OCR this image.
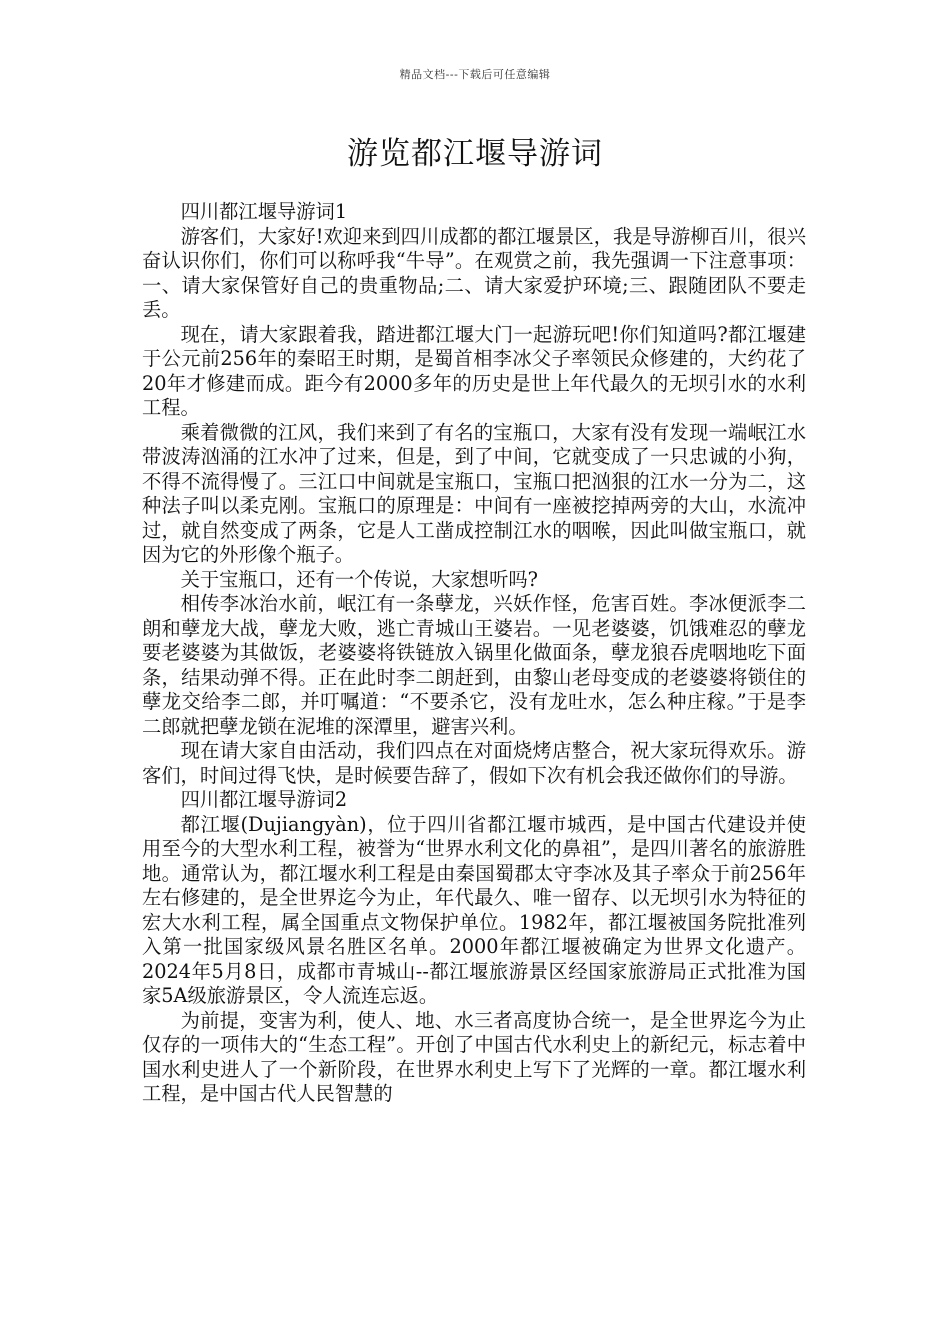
精品文档---下载后可任意编辑
游览都江堰导游词

四川都江堰导游词1

游客们，大家好!欢迎来到四川成都的都江堰景区，我是导游柳百川，很兴奋认识你们，你们可以称呼我“牛导”。在观赏之前，我先强调一下注意事项：一、请大家保管好自己的贵重物品;二、请大家爱护环境;三、跟随团队不要走丢。

现在，请大家跟着我，踏进都江堰大门一起游玩吧!你们知道吗?都江堰建于公元前256年的秦昭王时期，是蜀首相李冰父子率领民众修建的，大约花了20年才修建而成。距今有2000多年的历史是世上年代最久的无坝引水的水利工程。

乘着微微的江风，我们来到了有名的宝瓶口，大家有没有发现一端岷江水带波涛汹涌的江水冲了过来，但是，到了中间，它就变成了一只忠诚的小狗，不得不流得慢了。三江口中间就是宝瓶口，宝瓶口把汹狠的江水一分为二，这种法子叫以柔克刚。宝瓶口的原理是：中间有一座被挖掉两旁的大山，水流冲过，就自然变成了两条，它是人工凿成控制江水的咽喉，因此叫做宝瓶口，就因为它的外形像个瓶子。

关于宝瓶口，还有一个传说，大家想听吗?

相传李冰治水前，岷江有一条孽龙，兴妖作怪，危害百姓。李冰便派李二朗和孽龙大战，孽龙大败，逃亡青城山王婆岩。一见老婆婆，饥饿难忍的孽龙要老婆婆为其做饭，老婆婆将铁链放入锅里化做面条，孽龙狼吞虎咽地吃下面条，结果动弹不得。正在此时李二朗赶到，由黎山老母变成的老婆婆将锁住的孽龙交给李二郎，并叮嘱道：“不要杀它，没有龙吐水，怎么种庄稼。”于是李二郎就把孽龙锁在泥堆的深潭里，避害兴利。

现在请大家自由活动，我们四点在对面烧烤店整合，祝大家玩得欢乐。游客们，时间过得飞快，是时候要告辞了，假如下次有机会我还做你们的导游。

四川都江堰导游词2

都江堰(Dujiangyàn)，位于四川省都江堰市城西，是中国古代建设并使用至今的大型水利工程，被誉为“世界水利文化的鼻祖”，是四川著名的旅游胜地。通常认为，都江堰水利工程是由秦国蜀郡太守李冰及其子率众于前256年左右修建的，是全世界迄今为止，年代最久、唯一留存、以无坝引水为特征的宏大水利工程，属全国重点文物保护单位。1982年，都江堰被国务院批准列入第一批国家级风景名胜区名单。2000年都江堰被确定为世界文化遗产。2024年5月8日，成都市青城山--都江堰旅游景区经国家旅游局正式批准为国家5A级旅游景区，令人流连忘返。

为前提，变害为利，使人、地、水三者高度协合统一，是全世界迄今为止仅存的一项伟大的“生态工程”。开创了中国古代水利史上的新纪元，标志着中国水利史进人了一个新阶段，在世界水利史上写下了光辉的一章。都江堰水利工程，是中国古代人民智慧的
